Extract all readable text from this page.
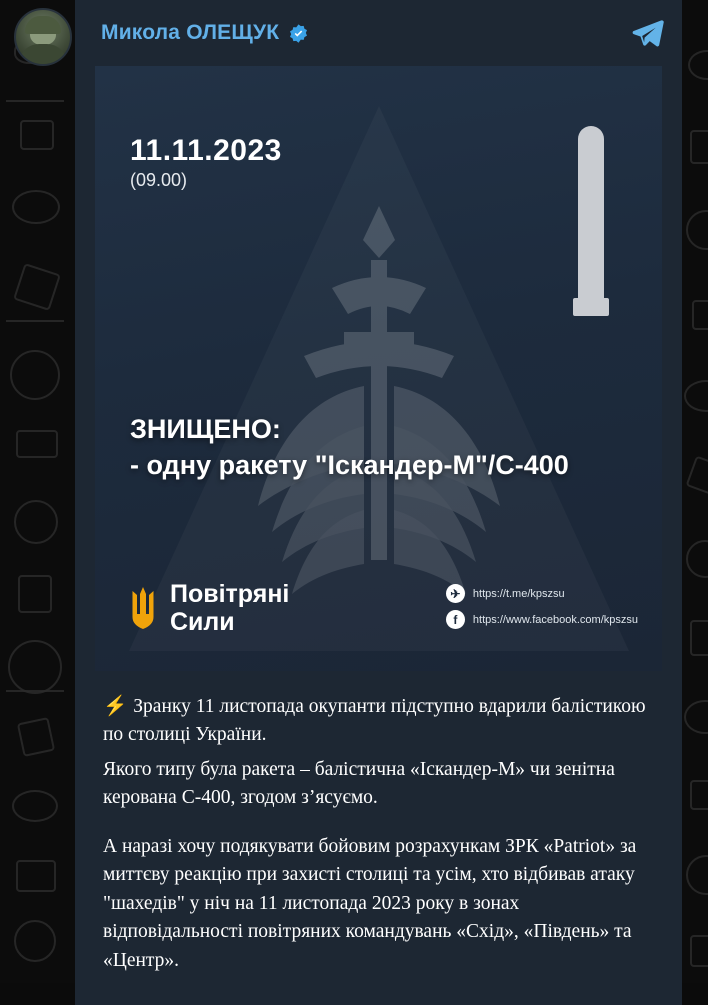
Микола ОЛЕЩУК
11.11.2023
(09.00)
ЗНИЩЕНО:
- одну ракету "Іскандер-М"/С-400
Повітряні
Сили
✈	https://t.me/kpszsu
f	https://www.facebook.com/kpszsu

⚡ Зранку 11 листопада окупанти підступно вдарили балістикою по столиці України.

Якого типу була ракета – балістична «Іскандер-М» чи зенітна керована С-400, згодом з’ясуємо.

А наразі хочу подякувати бойовим розрахункам ЗРК «Patriot» за миттєву реакцію при захисті столиці та усім, хто відбивав атаку "шахедів" у ніч на 11 листопада 2023 року в зонах відповідальності повітряних командувань «Схід», «Південь» та «Центр».
